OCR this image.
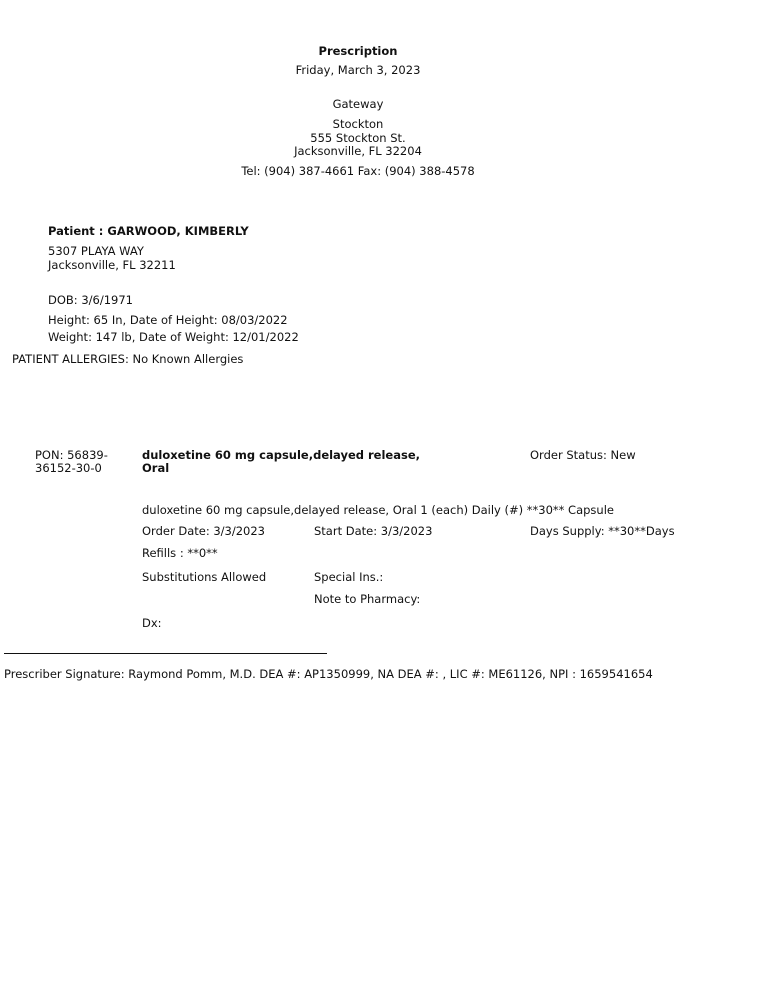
Prescription
Friday, March 3, 2023
Gateway
Stockton
555 Stockton St.
Jacksonville, FL 32204
Tel: (904) 387-4661 Fax: (904) 388-4578
Patient : GARWOOD, KIMBERLY
5307 PLAYA WAY
Jacksonville, FL 32211
DOB: 3/6/1971
Height: 65 In, Date of Height: 08/03/2022
Weight: 147 lb, Date of Weight: 12/01/2022
PATIENT ALLERGIES: No Known Allergies
PON: 56839-
36152-30-0
duloxetine 60 mg capsule,delayed release,
Oral
Order Status: New
duloxetine 60 mg capsule,delayed release, Oral 1 (each) Daily (#) **30** Capsule
Order Date: 3/3/2023	Start Date: 3/3/2023	Days Supply: **30**Days
Refills : **0**
Substitutions Allowed	Special Ins.:
Note to Pharmacy:
Dx:
Prescriber Signature: Raymond Pomm, M.D. DEA #: AP1350999, NA DEA #: , LIC #: ME61126, NPI : 1659541654
